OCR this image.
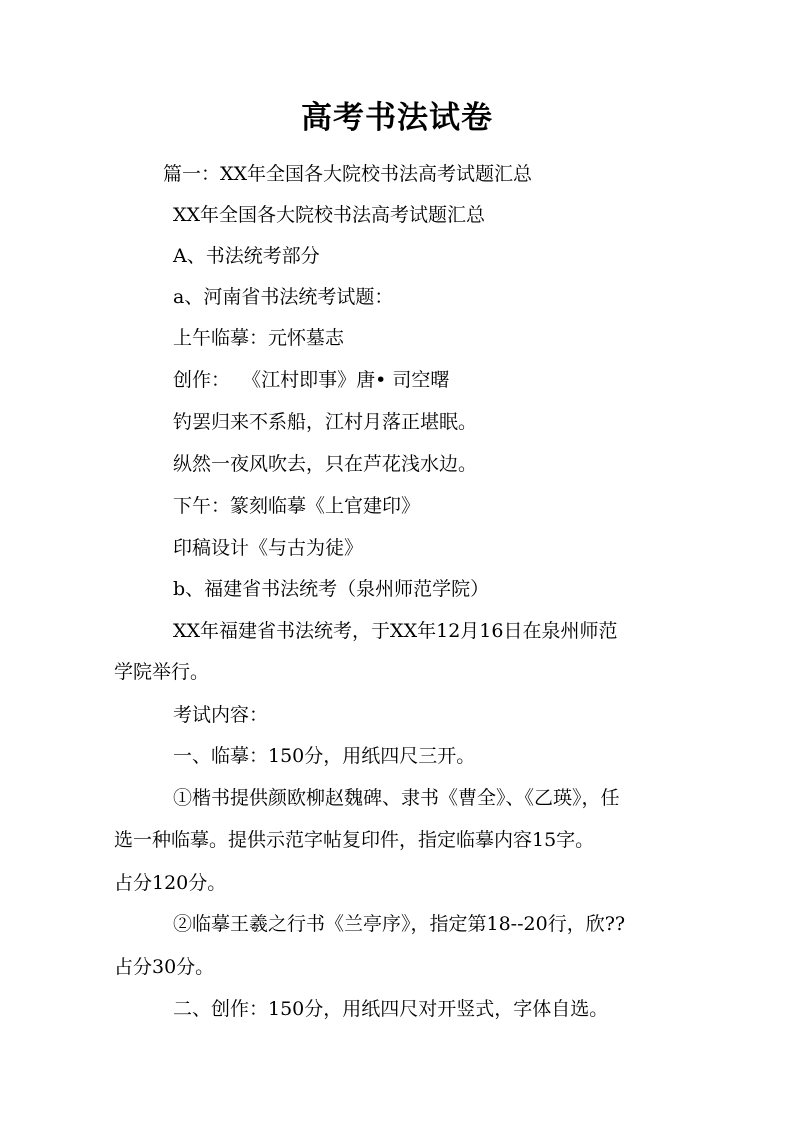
高考书法试卷

篇一：XX年全国各大院校书法高考试题汇总

XX年全国各大院校书法高考试题汇总

A、书法统考部分

a、河南省书法统考试题：

上午临摹：元怀墓志

创作：  《江村即事》唐• 司空曙

钓罢归来不系船，江村月落正堪眠。

纵然一夜风吹去，只在芦花浅水边。

下午：篆刻临摹《上官建印》

印稿设计《与古为徒》

b、福建省书法统考（泉州师范学院）

XX年福建省书法统考，于XX年12月16日在泉州师范

学院举行。

考试内容：

一、临摹：150分，用纸四尺三开。

①楷书提供颜欧柳赵魏碑、隶书《曹全》、《乙瑛》，任

选一种临摹。提供示范字帖复印件，指定临摹内容15字。

占分120分。

②临摹王羲之行书《兰亭序》，指定第18--20行，欣??

占分30分。

二、创作：150分，用纸四尺对开竖式，字体自选。
